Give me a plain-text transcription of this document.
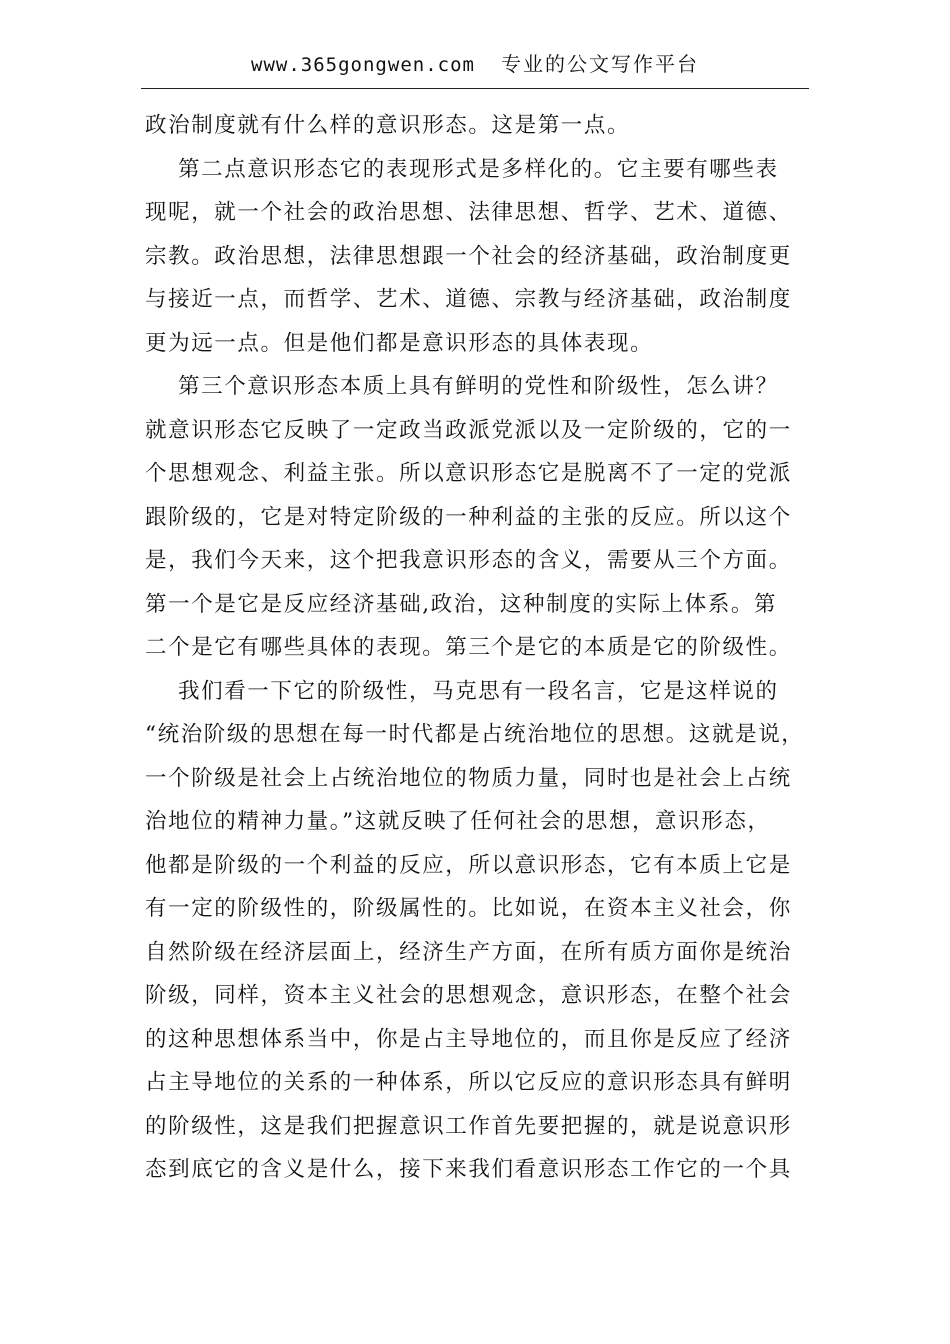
www.365gongwen.com 专业的公文写作平台
政治制度就有什么样的意识形态。这是第一点。
第二点意识形态它的表现形式是多样化的。它主要有哪些表
现呢，就一个社会的政治思想、法律思想、哲学、艺术、道德、
宗教。政治思想，法律思想跟一个社会的经济基础，政治制度更
与接近一点，而哲学、艺术、道德、宗教与经济基础，政治制度
更为远一点。但是他们都是意识形态的具体表现。
第三个意识形态本质上具有鲜明的党性和阶级性，怎么讲？
就意识形态它反映了一定政当政派党派以及一定阶级的，它的一
个思想观念、利益主张。所以意识形态它是脱离不了一定的党派
跟阶级的，它是对特定阶级的一种利益的主张的反应。所以这个
是，我们今天来，这个把我意识形态的含义，需要从三个方面。
第一个是它是反应经济基础,政治，这种制度的实际上体系。第
二个是它有哪些具体的表现。第三个是它的本质是它的阶级性。
我们看一下它的阶级性，马克思有一段名言，它是这样说的
“统治阶级的思想在每一时代都是占统治地位的思想。这就是说，
一个阶级是社会上占统治地位的物质力量，同时也是社会上占统
治地位的精神力量。”这就反映了任何社会的思想，意识形态，
他都是阶级的一个利益的反应，所以意识形态，它有本质上它是
有一定的阶级性的，阶级属性的。比如说，在资本主义社会，你
自然阶级在经济层面上，经济生产方面，在所有质方面你是统治
阶级，同样，资本主义社会的思想观念，意识形态，在整个社会
的这种思想体系当中，你是占主导地位的，而且你是反应了经济
占主导地位的关系的一种体系，所以它反应的意识形态具有鲜明
的阶级性，这是我们把握意识工作首先要把握的，就是说意识形
态到底它的含义是什么，接下来我们看意识形态工作它的一个具
